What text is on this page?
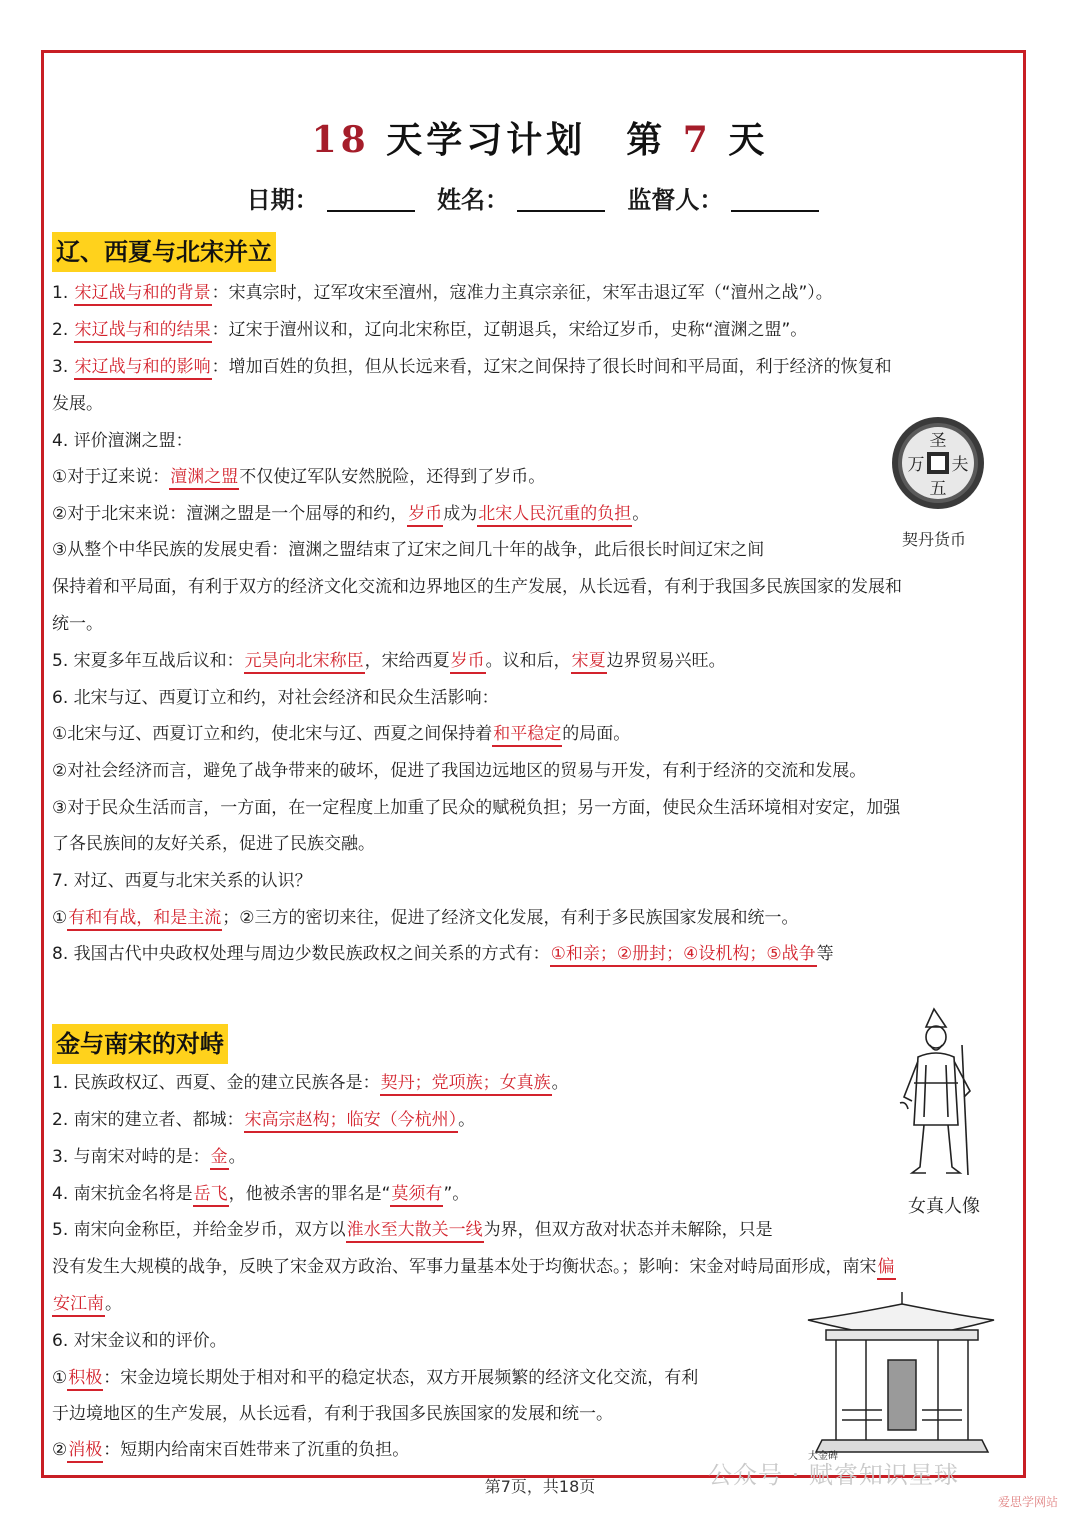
18 天学习计划 第 7 天
日期：	姓名：	监督人：
辽、西夏与北宋并立
1. 宋辽战与和的背景：宋真宗时，辽军攻宋至澶州，寇准力主真宗亲征，宋军击退辽军（“澶州之战”）。
2. 宋辽战与和的结果：辽宋于澶州议和，辽向北宋称臣，辽朝退兵，宋给辽岁币，史称“澶渊之盟”。
3. 宋辽战与和的影响：增加百姓的负担，但从长远来看，辽宋之间保持了很长时间和平局面，利于经济的恢复和
发展。
4. 评价澶渊之盟：
①对于辽来说：澶渊之盟不仅使辽军队安然脱险，还得到了岁币。
②对于北宋来说：澶渊之盟是一个屈辱的和约，岁币成为北宋人民沉重的负担。
③从整个中华民族的发展史看：澶渊之盟结束了辽宋之间几十年的战争，此后很长时间辽宋之间
保持着和平局面，有利于双方的经济文化交流和边界地区的生产发展，从长远看，有利于我国多民族国家的发展和
统一。
5. 宋夏多年互战后议和：元昊向北宋称臣，宋给西夏岁币。议和后，宋夏边界贸易兴旺。
6. 北宋与辽、西夏订立和约，对社会经济和民众生活影响：
①北宋与辽、西夏订立和约，使北宋与辽、西夏之间保持着和平稳定的局面。
②对社会经济而言，避免了战争带来的破坏，促进了我国边远地区的贸易与开发，有利于经济的交流和发展。
③对于民众生活而言，一方面，在一定程度上加重了民众的赋税负担；另一方面，使民众生活环境相对安定，加强
了各民族间的友好关系，促进了民族交融。
7. 对辽、西夏与北宋关系的认识？
①有和有战，和是主流；②三方的密切来往，促进了经济文化发展，有利于多民族国家发展和统一。
8. 我国古代中央政权处理与周边少数民族政权之间关系的方式有：①和亲；②册封；④设机构；⑤战争等
圣
万 夫
五
契丹货币
金与南宋的对峙
1. 民族政权辽、西夏、金的建立民族各是：契丹；党项族；女真族。
2. 南宋的建立者、都城：宋高宗赵构；临安（今杭州）。
3. 与南宋对峙的是：金。
4. 南宋抗金名将是岳飞，他被杀害的罪名是“莫须有”。
5. 南宋向金称臣，并给金岁币，双方以淮水至大散关一线为界，但双方敌对状态并未解除，只是
没有发生大规模的战争，反映了宋金双方政治、军事力量基本处于均衡状态。；影响：宋金对峙局面形成，南宋偏
安江南。
6. 对宋金议和的评价。
①积极：宋金边境长期处于相对和平的稳定状态，双方开展频繁的经济文化交流，有利
于边境地区的生产发展，从长远看，有利于我国多民族国家的发展和统一。
②消极：短期内给南宋百姓带来了沉重的负担。
女真人像
大金碑
第7页，共18页	公众号 · 赋睿知识星球
爱思学网站
